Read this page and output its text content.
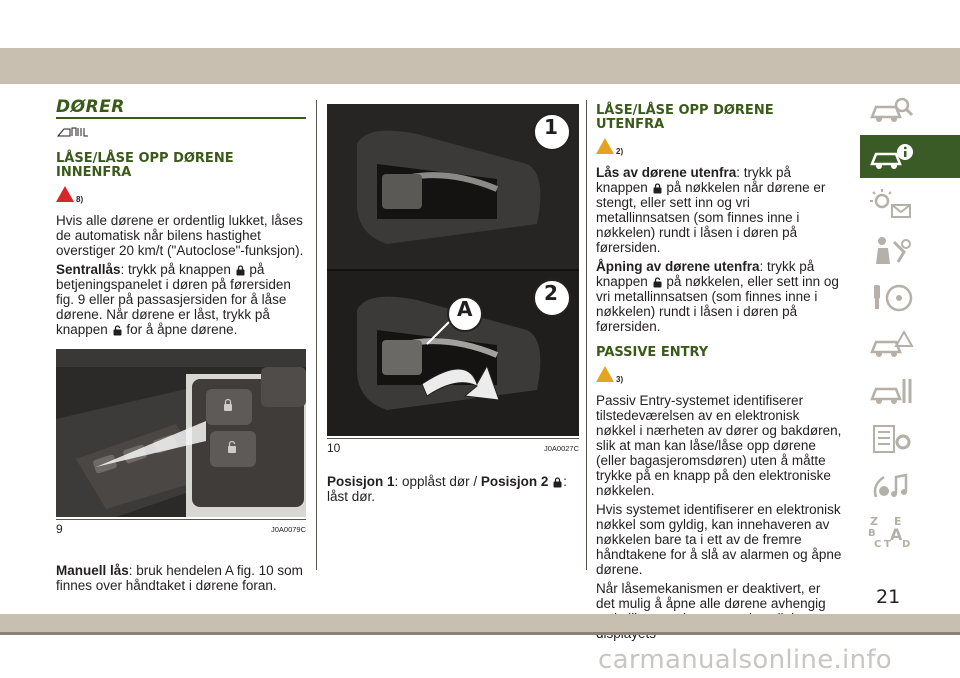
DØRER
LÅSE/LÅSE OPP DØRENE INNENFRA
8)

Hvis alle dørene er ordentlig lukket, låses de automatisk når bilens hastighet overstiger 20 km/t ("Autoclose"-funksjon).

Sentrallås: trykk på knappen på betjeningspanelet i døren på førersiden fig. 9 eller på passasjersiden for å låse dørene. Når dørene er låst, trykk på knappen for å åpne dørene.

9	J0A0079C

Manuell lås: bruk hendelen A fig. 10 som finnes over håndtaket i dørene foran.

1
2
A
10	J0A0027C

Posisjon 1: opplåst dør / Posisjon 2 : låst dør.

LÅSE/LÅSE OPP DØRENE UTENFRA
2)

Lås av dørene utenfra: trykk på knappen på nøkkelen når dørene er stengt, eller sett inn og vri metallinnsatsen (som finnes inne i nøkkelen) rundt i låsen i døren på førersiden.

Åpning av dørene utenfra: trykk på knappen på nøkkelen, eller sett inn og vri metallinnsatsen (som finnes inne i nøkkelen) rundt i låsen i døren på førersiden.

PASSIVE ENTRY
3)

Passiv Entry-systemet identifiserer tilstedeværelsen av en elektronisk nøkkel i nærheten av dører og bakdøren, slik at man kan låse/låse opp dørene (eller bagasjeromsdøren) uten å måtte trykke på en knapp på den elektroniske nøkkelen.

Hvis systemet identifiserer en elektronisk nøkkel som gyldig, kan innehaveren av nøkkelen bare ta i ett av de fremre håndtakene for å slå av alarmen og åpne dørene.

Når låsemekanismen er deaktivert, er det mulig å åpne alle dørene avhengig

Z E
B A
C T D
21
carmanualsonline.info
